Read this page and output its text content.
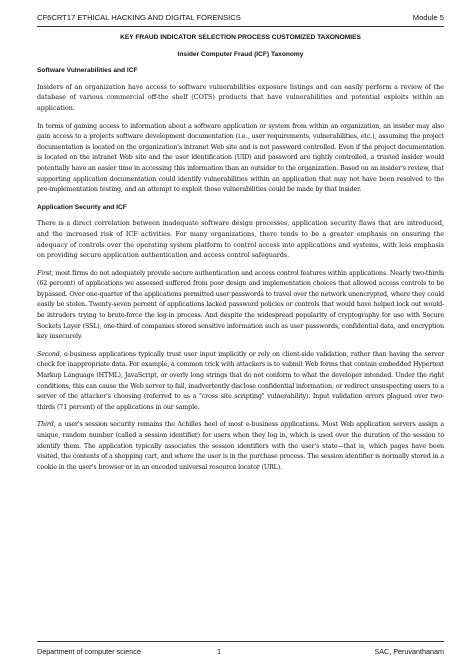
CF6CRT17 ETHICAL HACKING AND DIGITAL FORENSICS	Module 5
KEY FRAUD INDICATOR SELECTION PROCESS CUSTOMIZED TAXONOMIES
Insider Computer Fraud (ICF) Taxonomy
Software Vulnerabilities and ICF

Insiders of an organization have access to software vulnerabilities exposure listings and can easily perform a review of the database of various commercial off-the shelf (COTS) products that have vulnerabilities and potential exploits within an application.

In terms of gaining access to information about a software application or system from within an organization, an insider may also gain access to a projects software development documentation (i.e., user requirements, vulnerabilities, etc.), assuming the project documentation is located on the organization's intranet Web site and is not password controlled. Even if the project documentation is located on the intranet Web site and the user identification (UID) and password are tightly controlled, a trusted insider would potentially have an easier time in accessing this information than an outsider to the organization. Based on an insider's review, that supporting application documentation could identify vulnerabilities within an application that may not have been resolved to the pre-implementation testing, and an attempt to exploit those vulnerabilities could be made by that insider.

Application Security and ICF

There is a direct correlation between inadequate software design processes, application security flaws that are introduced, and the increased risk of ICF activities. For many organizations, there tends to be a greater emphasis on ensuring the adequacy of controls over the operating system platform to control access into applications and systems, with less emphasis on providing secure application authentication and access control safeguards.

First, most firms do not adequately provide secure authentication and access control features within applications. Nearly two-thirds (62 percent) of applications we assessed suffered from poor design and implementation choices that allowed access controls to be bypassed. Over one-quarter of the applications permitted user passwords to travel over the network unencrypted, where they could easily be stolen. Twenty-seven percent of applications lacked password policies or controls that would have helped lock out would-be intruders trying to brute-force the log-in process. And despite the widespread popularity of cryptography for use with Secure Sockets Layer (SSL), one-third of companies stored sensitive information such as user passwords, confidential data, and encryption key insecurely.

Second, e-business applications typically trust user input implicitly or rely on client-side validation, rather than having the server check for inappropriate data. For example, a common trick with attackers is to submit Web forms that contain embedded Hypertext Markup Language (HTML), JavaScript, or overly long strings that do not conform to what the developer intended. Under the right conditions, this can cause the Web server to fail, inadvertently disclose confidential information, or redirect unsuspecting users to a server of the attacker's choosing (referred to as a "cross site scripting" vulnerability). Input validation errors plagued over two-thirds (71 percent) of the applications in our sample.

Third, a user's session security remains the Achilles heel of most e-business applications. Most Web application servers assign a unique, random number (called a session identifier) for users when they log in, which is used over the duration of the session to identify them. The application typically associates the session identifiers with the user's state—that is, which pages have been visited, the contents of a shopping cart, and where the user is in the purchase process. The session identifier is normally stored in a cookie in the user's browser or in an encoded universal resource locator (URL).

Department of computer science	1	SAC, Peruvanthanam
